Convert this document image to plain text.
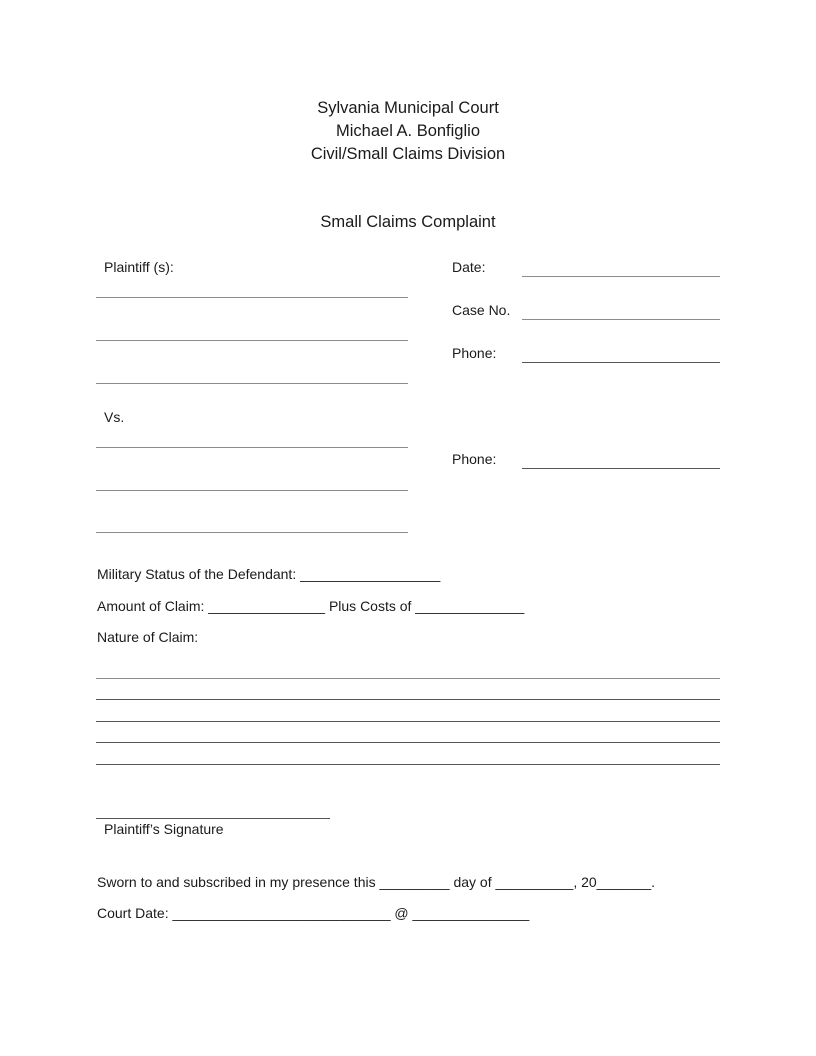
Sylvania Municipal Court
Michael A. Bonfiglio
Civil/Small Claims Division
Small Claims Complaint
Plaintiff (s):
Vs.
Date:
Case No.
Phone:
Phone:
Military Status of the Defendant: __________________
Amount of Claim: _______________ Plus Costs of ______________
Nature of Claim:
Plaintiff’s Signature
Sworn to and subscribed in my presence this _________ day of __________, 20_______.
Court Date: ____________________________ @ _______________
